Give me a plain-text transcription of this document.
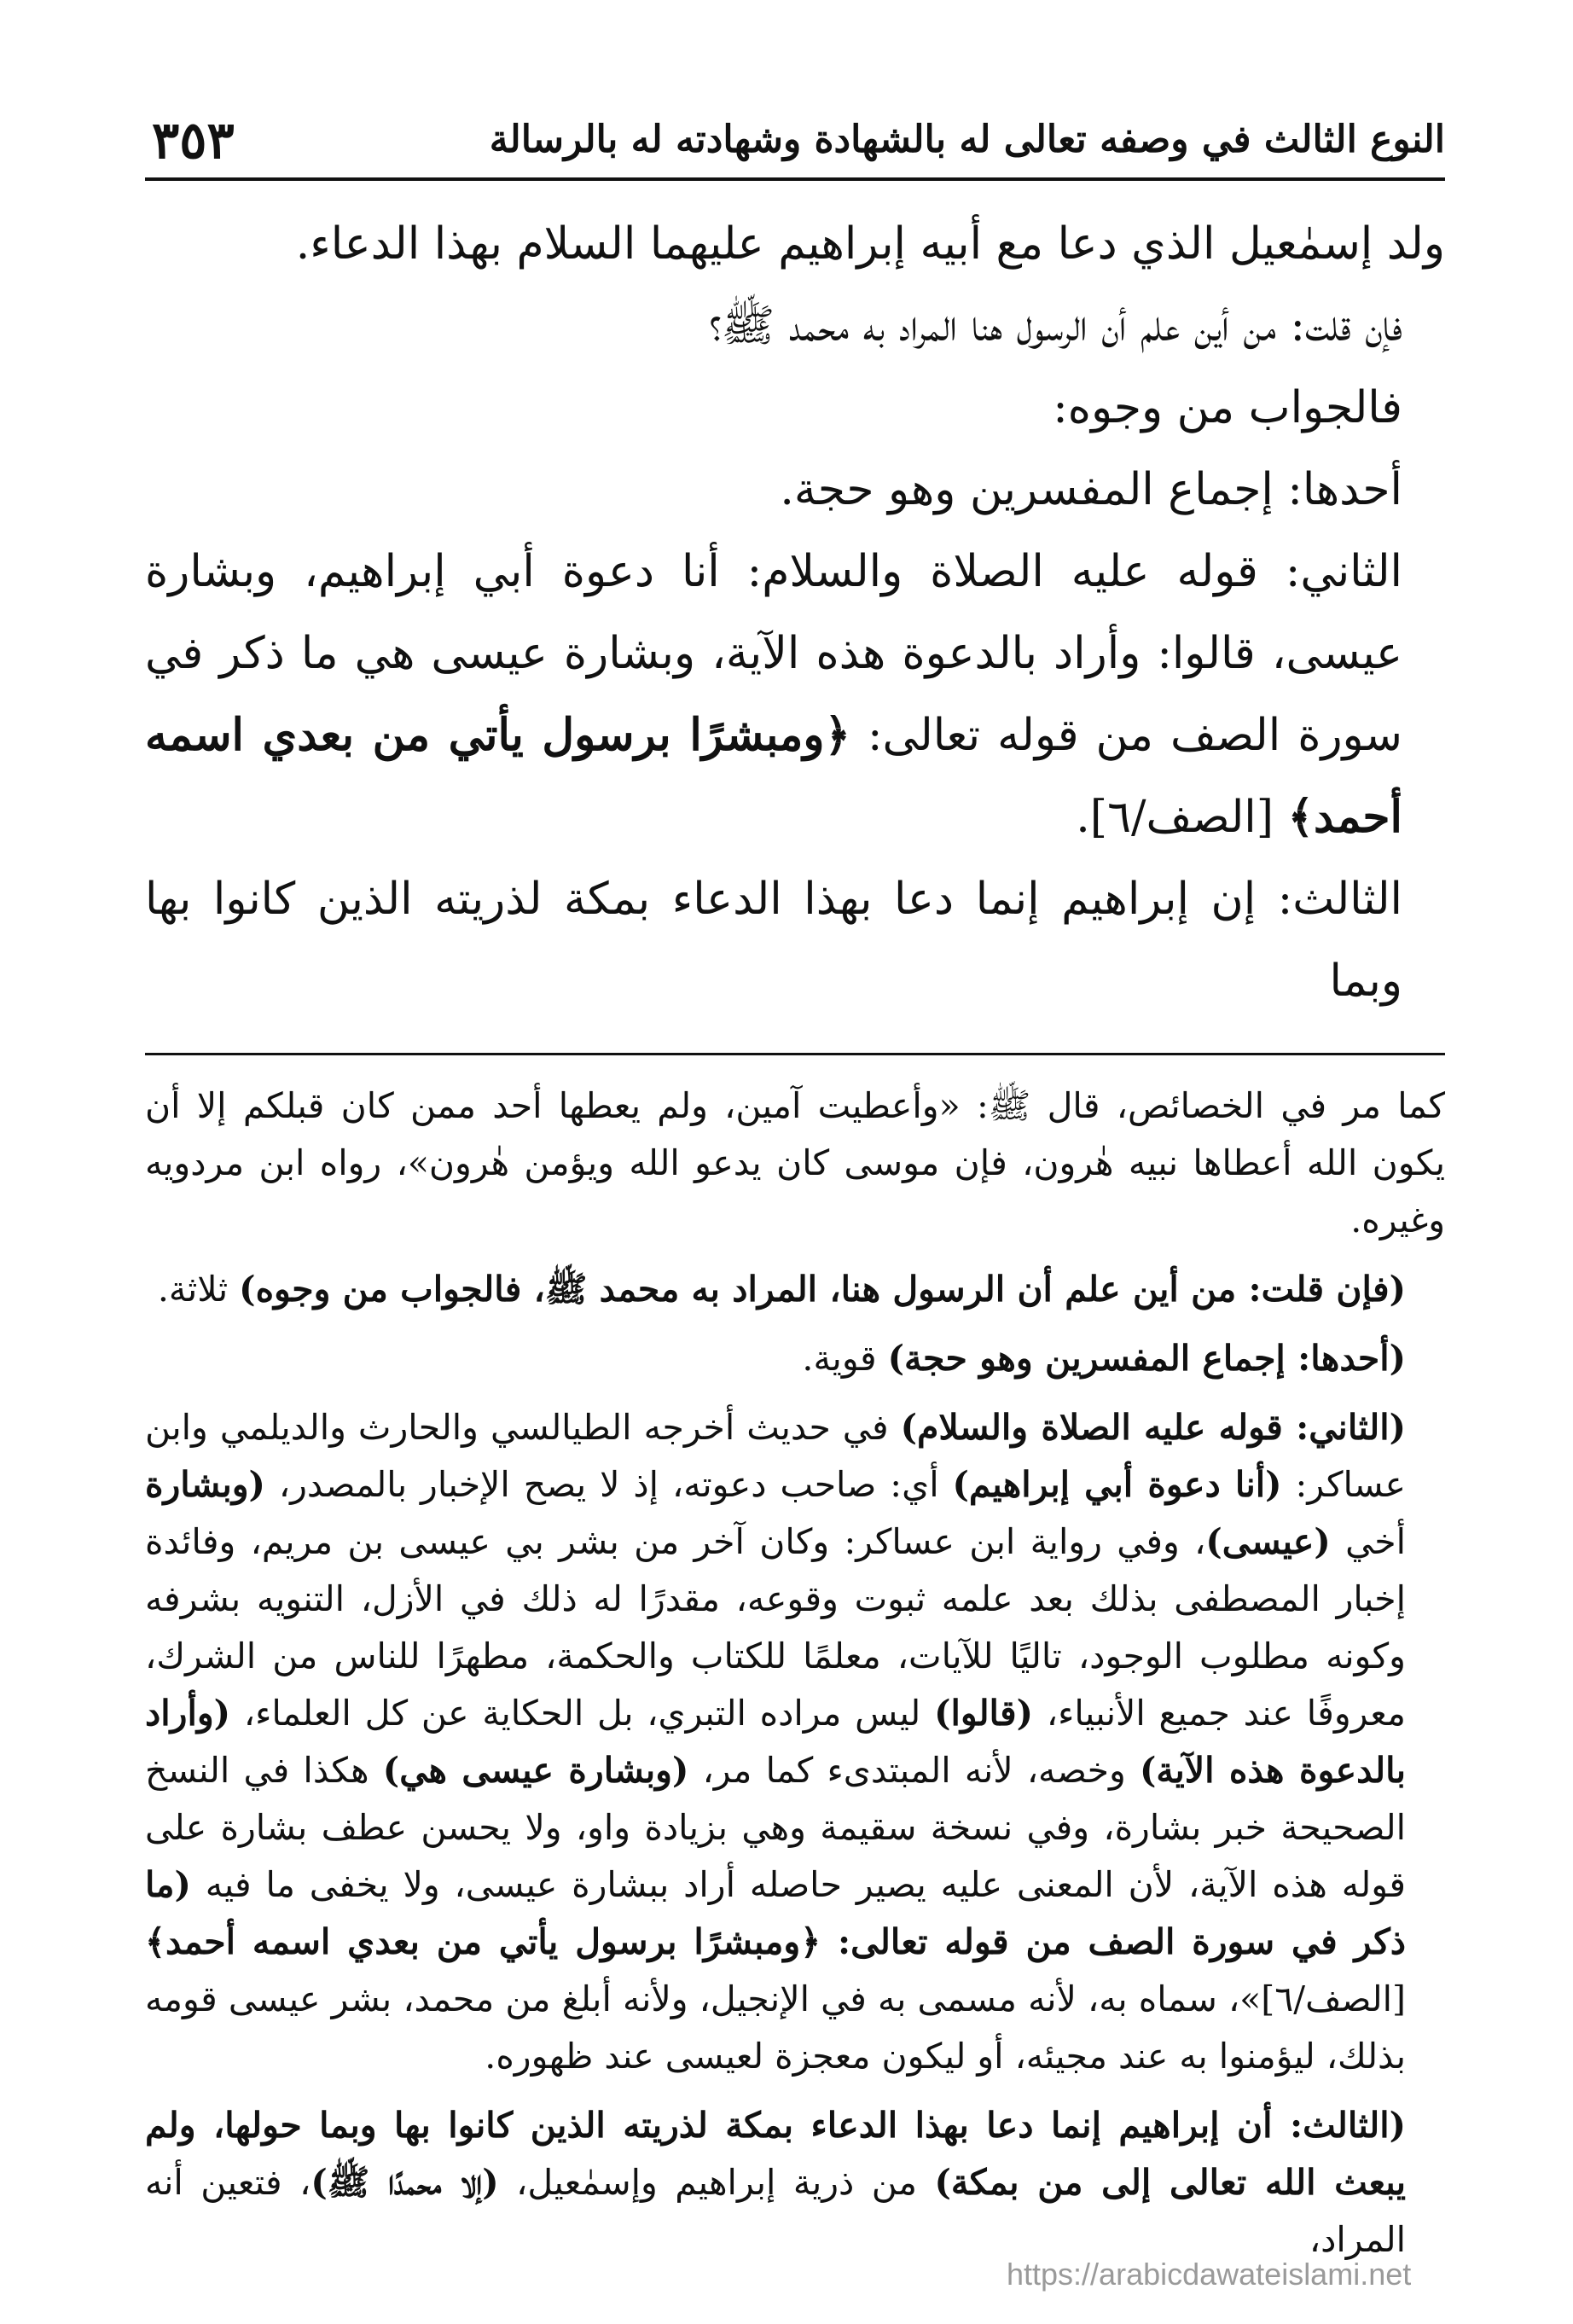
النوع الثالث في وصفه تعالى له بالشهادة وشهادته له بالرسالة
٣٥٣

ولد إسمٰعيل الذي دعا مع أبيه إبراهيم عليهما السلام بهذا الدعاء.

فإن قلت: من أين علم أن الرسول هنا المراد به محمد ﷺ؟

فالجواب من وجوه:

أحدها: إجماع المفسرين وهو حجة.

الثاني: قوله عليه الصلاة والسلام: أنا دعوة أبي إبراهيم، وبشارة عيسى، قالوا: وأراد بالدعوة هذه الآية، وبشارة عيسى هي ما ذكر في سورة الصف من قوله تعالى: ﴿ومبشرًا برسول يأتي من بعدي اسمه أحمد﴾ [الصف/٦].

الثالث: إن إبراهيم إنما دعا بهذا الدعاء بمكة لذريته الذين كانوا بها وبما

كما مر في الخصائص، قال ﷺ: «وأعطيت آمين، ولم يعطها أحد ممن كان قبلكم إلا أن يكون الله أعطاها نبيه هٰرون، فإن موسى كان يدعو الله ويؤمن هٰرون»، رواه ابن مردويه وغيره.

(فإن قلت: من أين علم أن الرسول هنا، المراد به محمد ﷺ، فالجواب من وجوه) ثلاثة.

(أحدها: إجماع المفسرين وهو حجة) قوية.

(الثاني: قوله عليه الصلاة والسلام) في حديث أخرجه الطيالسي والحارث والديلمي وابن عساكر: (أنا دعوة أبي إبراهيم) أي: صاحب دعوته، إذ لا يصح الإخبار بالمصدر، (وبشارة أخي (عيسى)، وفي رواية ابن عساكر: وكان آخر من بشر بي عيسى بن مريم، وفائدة إخبار المصطفى بذلك بعد علمه ثبوت وقوعه، مقدرًا له ذلك في الأزل، التنويه بشرفه وكونه مطلوب الوجود، تاليًا للآيات، معلمًا للكتاب والحكمة، مطهرًا للناس من الشرك، معروفًا عند جميع الأنبياء، (قالوا) ليس مراده التبري، بل الحكاية عن كل العلماء، (وأراد بالدعوة هذه الآية) وخصه، لأنه المبتدىء كما مر، (وبشارة عيسى هي) هكذا في النسخ الصحيحة خبر بشارة، وفي نسخة سقيمة وهي بزيادة واو، ولا يحسن عطف بشارة على قوله هذه الآية، لأن المعنى عليه يصير حاصله أراد ببشارة عيسى، ولا يخفى ما فيه (ما ذكر في سورة الصف من قوله تعالى: ﴿ومبشرًا برسول يأتي من بعدي اسمه أحمد﴾ [الصف/٦]»، سماه به، لأنه مسمى به في الإنجيل، ولأنه أبلغ من محمد، بشر عيسى قومه بذلك، ليؤمنوا به عند مجيئه، أو ليكون معجزة لعيسى عند ظهوره.

(الثالث: أن إبراهيم إنما دعا بهذا الدعاء بمكة لذريته الذين كانوا بها وبما حولها، ولم يبعث الله تعالى إلى من بمكة) من ذرية إبراهيم وإسمٰعيل، (إلا محمدًا ﷺ)، فتعين أنه المراد،

https://arabicdawateislami.net
